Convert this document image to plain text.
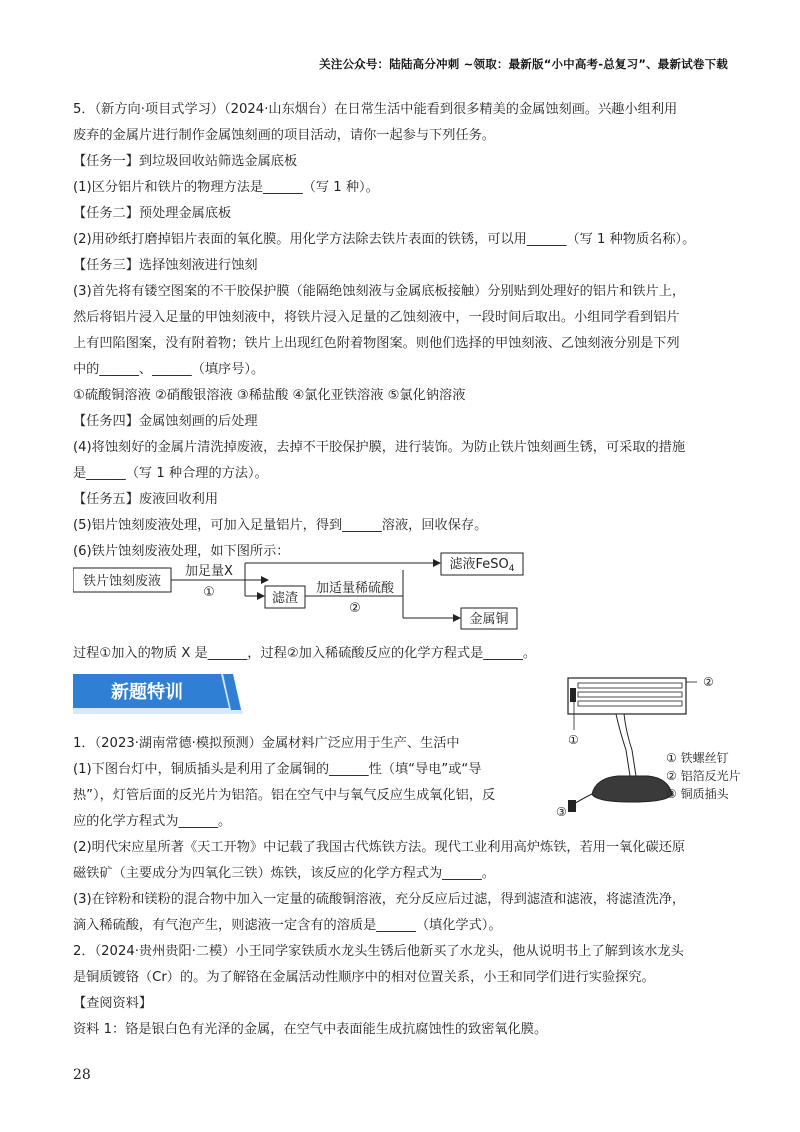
关注公众号：陆陆高分冲刺 ~领取：最新版“小中高考-总复习”、最新试卷下载
5．（新方向·项目式学习）（2024·山东烟台）在日常生活中能看到很多精美的金属蚀刻画。兴趣小组利用
废弃的金属片进行制作金属蚀刻画的项目活动，请你一起参与下列任务。
【任务一】到垃圾回收站筛选金属底板
(1)区分铝片和铁片的物理方法是______（写 1 种）。
【任务二】预处理金属底板
(2)用砂纸打磨掉铝片表面的氧化膜。用化学方法除去铁片表面的铁锈，可以用______（写 1 种物质名称）。
【任务三】选择蚀刻液进行蚀刻
(3)首先将有镂空图案的不干胶保护膜（能隔绝蚀刻液与金属底板接触）分别贴到处理好的铝片和铁片上，
然后将铝片浸入足量的甲蚀刻液中，将铁片浸入足量的乙蚀刻液中，一段时间后取出。小组同学看到铝片
上有凹陷图案，没有附着物；铁片上出现红色附着物图案。则他们选择的甲蚀刻液、乙蚀刻液分别是下列
中的______、______（填序号）。
①硫酸铜溶液 ②硝酸银溶液 ③稀盐酸 ④氯化亚铁溶液 ⑤氯化钠溶液
【任务四】金属蚀刻画的后处理
(4)将蚀刻好的金属片清洗掉废液，去掉不干胶保护膜，进行装饰。为防止铁片蚀刻画生锈，可采取的措施
是______（写 1 种合理的方法）。
【任务五】废液回收利用
(5)铝片蚀刻废液处理，可加入足量铝片，得到______溶液，回收保存。
(6)铁片蚀刻废液处理，如下图所示：
铁片蚀刻废液
加足量X
①
滤液FeSO$_4$
滤渣
加适量稀硫酸
②
金属铜
过程①加入的物质 X 是______，过程②加入稀硫酸反应的化学方程式是______。
新题特训	②
①
③
① 铁螺丝钉
② 铝箔反光片
③ 铜质插头
1．（2023·湖南常德·模拟预测）金属材料广泛应用于生产、生活中
(1)下图台灯中，铜质插头是利用了金属铜的______性（填“导电”或“导
热”），灯管后面的反光片为铝箔。铝在空气中与氧气反应生成氧化铝，反
应的化学方程式为______。
(2)明代宋应星所著《天工开物》中记载了我国古代炼铁方法。现代工业利用高炉炼铁，若用一氧化碳还原
磁铁矿（主要成分为四氧化三铁）炼铁，该反应的化学方程式为______。
(3)在锌粉和镁粉的混合物中加入一定量的硫酸铜溶液，充分反应后过滤，得到滤渣和滤液，将滤渣洗净，
滴入稀硫酸，有气泡产生，则滤液一定含有的溶质是______（填化学式）。
2．（2024·贵州贵阳·二模）小王同学家铁质水龙头生锈后他新买了水龙头，他从说明书上了解到该水龙头
是铜质镀铬（Cr）的。为了解铬在金属活动性顺序中的相对位置关系，小王和同学们进行实验探究。
【查阅资料】
资料 1：铬是银白色有光泽的金属，在空气中表面能生成抗腐蚀性的致密氧化膜。
28
